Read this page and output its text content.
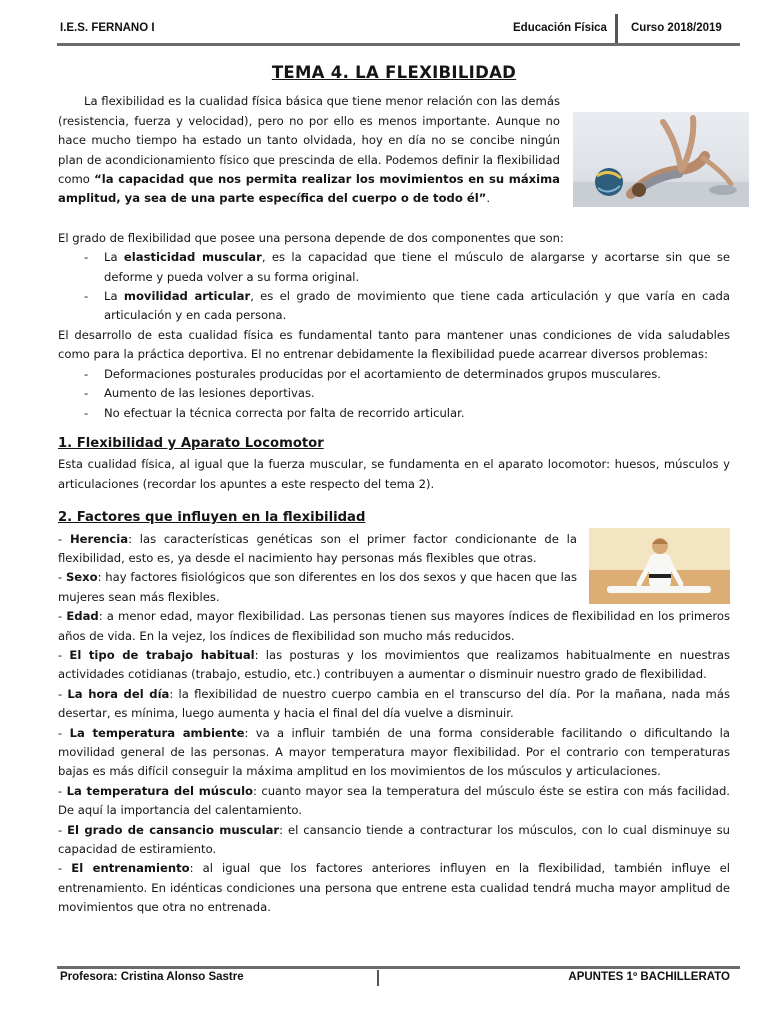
I.E.S. FERNANO I	Educación Física Curso 2018/2019
TEMA 4. LA FLEXIBILIDAD

La flexibilidad es la cualidad física básica que tiene menor relación con las demás (resistencia, fuerza y velocidad), pero no por ello es menos importante. Aunque no hace mucho tiempo ha estado un tanto olvidada, hoy en día no se concibe ningún plan de acondicionamiento físico que prescinda de ella. Podemos definir la flexibilidad como “la capacidad que nos permita realizar los movimientos en su máxima amplitud, ya sea de una parte específica del cuerpo o de todo él”.

El grado de flexibilidad que posee una persona depende de dos componentes que son:

- La elasticidad muscular, es la capacidad que tiene el músculo de alargarse y acortarse sin que se deforme y pueda volver a su forma original.
- La movilidad articular, es el grado de movimiento que tiene cada articulación y que varía en cada articulación y en cada persona.

El desarrollo de esta cualidad física es fundamental tanto para mantener unas condiciones de vida saludables como para la práctica deportiva. El no entrenar debidamente la flexibilidad puede acarrear diversos problemas:

- Deformaciones posturales producidas por el acortamiento de determinados grupos musculares.
- Aumento de las lesiones deportivas.
- No efectuar la técnica correcta por falta de recorrido articular.
1. Flexibilidad y Aparato Locomotor

Esta cualidad física, al igual que la fuerza muscular, se fundamenta en el aparato locomotor: huesos, músculos y articulaciones (recordar los apuntes a este respecto del tema 2).

2. Factores que influyen en la flexibilidad

- Herencia: las características genéticas son el primer factor condicionante de la flexibilidad, esto es, ya desde el nacimiento hay personas más flexibles que otras.

- Sexo: hay factores fisiológicos que son diferentes en los dos sexos y que hacen que las mujeres sean más flexibles.

- Edad: a menor edad, mayor flexibilidad. Las personas tienen sus mayores índices de flexibilidad en los primeros años de vida. En la vejez, los índices de flexibilidad son mucho más reducidos.

- El tipo de trabajo habitual: las posturas y los movimientos que realizamos habitualmente en nuestras actividades cotidianas (trabajo, estudio, etc.) contribuyen a aumentar o disminuir nuestro grado de flexibilidad.

- La hora del día: la flexibilidad de nuestro cuerpo cambia en el transcurso del día. Por la mañana, nada más desertar, es mínima, luego aumenta y hacia el final del día vuelve a disminuir.

- La temperatura ambiente: va a influir también de una forma considerable facilitando o dificultando la movilidad general de las personas. A mayor temperatura mayor flexibilidad. Por el contrario con temperaturas bajas es más difícil conseguir la máxima amplitud en los movimientos de los músculos y articulaciones.

- La temperatura del músculo: cuanto mayor sea la temperatura del músculo éste se estira con más facilidad. De aquí la importancia del calentamiento.

- El grado de cansancio muscular: el cansancio tiende a contracturar los músculos, con lo cual disminuye su capacidad de estiramiento.

- El entrenamiento: al igual que los factores anteriores influyen en la flexibilidad, también influye el entrenamiento. En idénticas condiciones una persona que entrene esta cualidad tendrá mucha mayor amplitud de movimientos que otra no entrenada.

Profesora: Cristina Alonso Sastre	APUNTES 1º BACHILLERATO
